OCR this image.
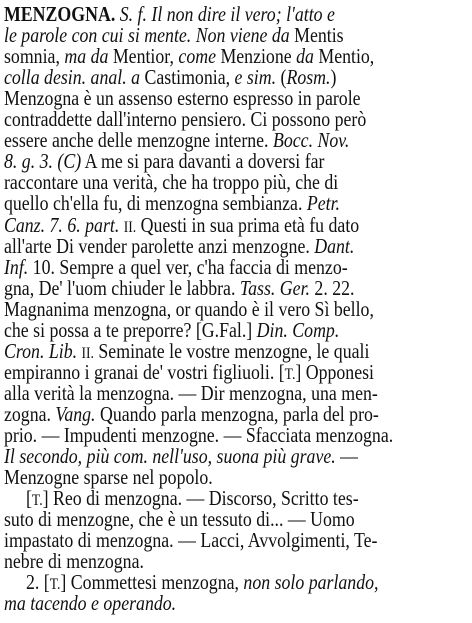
MENZOGNA. S. f. Il non dire il vero; l'atto e
le parole con cui si mente. Non viene da Mentis
somnia, ma da Mentior, come Menzione da Mentio,
colla desin. anal. a Castimonia, e sim. (Rosm.)
Menzogna è un assenso esterno espresso in parole
contraddette dall'interno pensiero. Ci possono però
essere anche delle menzogne interne. Bocc. Nov.
8. g. 3. (C) A me si para davanti a doversi far
raccontare una verità, che ha troppo più, che di
quello ch'ella fu, di menzogna sembianza. Petr.
Canz. 7. 6. part. II. Questi in sua prima età fu dato
all'arte Di vender parolette anzi menzogne. Dant.
Inf. 10. Sempre a quel ver, c'ha faccia di menzo-
gna, De' l'uom chiuder le labbra. Tass. Ger. 2. 22.
Magnanima menzogna, or quando è il vero Sì bello,
che si possa a te preporre? [G.Fal.] Din. Comp.
Cron. Lib. II. Seminate le vostre menzogne, le quali
empiranno i granai de' vostri figliuoli. [T.] Opponesi
alla verità la menzogna. — Dir menzogna, una men-
zogna. Vang. Quando parla menzogna, parla del pro-
prio. — Impudenti menzogne. — Sfacciata menzogna.
Il secondo, più com. nell'uso, suona più grave. —
Menzogne sparse nel popolo.
[T.] Reo di menzogna. — Discorso, Scritto tes-
suto di menzogne, che è un tessuto di... — Uomo
impastato di menzogna. — Lacci, Avvolgimenti, Te-
nebre di menzogna.
2. [T.] Commettesi menzogna, non solo parlando,
ma tacendo e operando.
